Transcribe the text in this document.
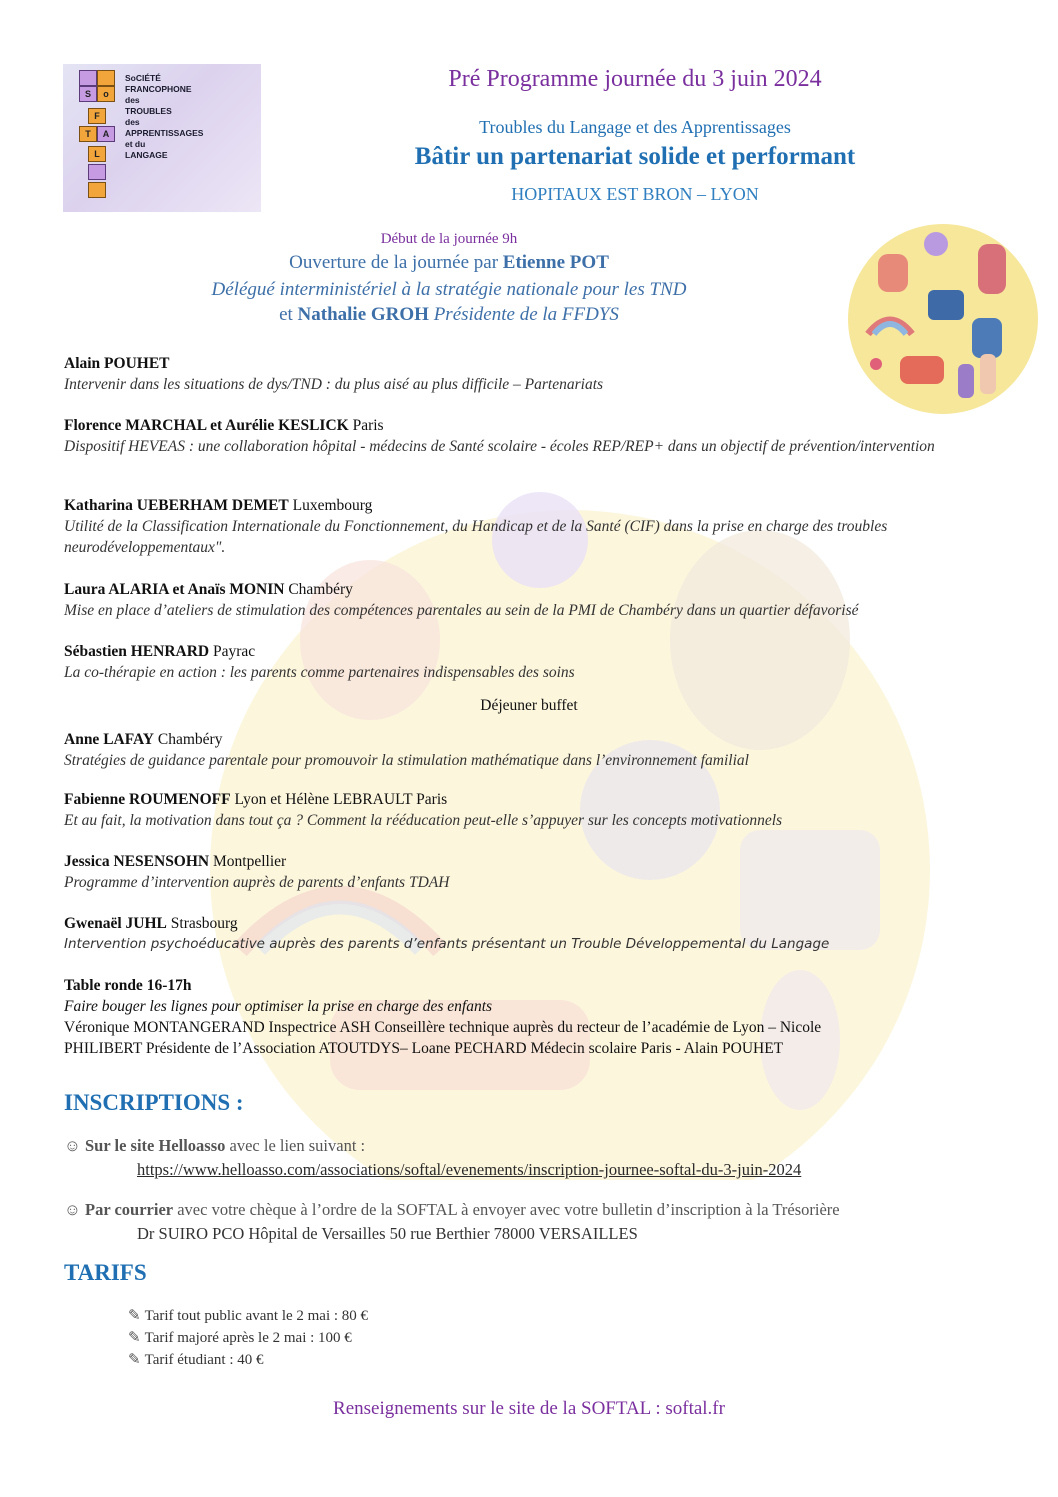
S	o
F
T	A
L
SoCIÉTÉ
FRANCOPHONE
des
TROUBLES
des
APPRENTISSAGES
et du
LANGAGE
Pré Programme journée du 3 juin 2024
Troubles du Langage et des Apprentissages
Bâtir un partenariat solide et performant
HOPITAUX EST BRON – LYON
Début de la journée 9h
Ouverture de la journée par Etienne POT
Délégué interministériel à la stratégie nationale pour les TND
et Nathalie GROH Présidente de la FFDYS
Alain POUHET
Intervenir dans les situations de dys/TND : du plus aisé au plus difficile – Partenariats
Florence MARCHAL et Aurélie KESLICK Paris
Dispositif HEVEAS : une collaboration hôpital - médecins de Santé scolaire - écoles REP/REP+ dans un objectif de prévention/intervention
Katharina UEBERHAM DEMET Luxembourg
Utilité de la Classification Internationale du Fonctionnement, du Handicap et de la Santé (CIF) dans la prise en charge des troubles neurodéveloppementaux".
Laura ALARIA et Anaïs MONIN Chambéry
Mise en place d’ateliers de stimulation des compétences parentales au sein de la PMI de Chambéry dans un quartier défavorisé
Sébastien HENRARD Payrac
La co-thérapie en action : les parents comme partenaires indispensables des soins
Déjeuner buffet
Anne LAFAY Chambéry
Stratégies de guidance parentale pour promouvoir la stimulation mathématique dans l’environnement familial
Fabienne ROUMENOFF Lyon et Hélène LEBRAULT Paris
Et au fait, la motivation dans tout ça ? Comment la rééducation peut-elle s’appuyer sur les concepts motivationnels
Jessica NESENSOHN Montpellier
Programme d’intervention auprès de parents d’enfants TDAH
Gwenaël JUHL Strasbourg
Intervention psychoéducative auprès des parents d’enfants présentant un Trouble Développemental du Langage
Table ronde 16-17h
Faire bouger les lignes pour optimiser la prise en charge des enfants
Véronique MONTANGERAND Inspectrice ASH Conseillère technique auprès du recteur de l’académie de Lyon – Nicole
PHILIBERT Présidente de l’Association ATOUTDYS– Loane PECHARD Médecin scolaire Paris - Alain POUHET
INSCRIPTIONS :
☺ Sur le site Helloasso avec le lien suivant :
https://www.helloasso.com/associations/softal/evenements/inscription-journee-softal-du-3-juin-2024
☺ Par courrier avec votre chèque à l’ordre de la SOFTAL à envoyer avec votre bulletin d’inscription à la Trésorière
Dr SUIRO PCO Hôpital de Versailles 50 rue Berthier 78000 VERSAILLES
TARIFS
✎ Tarif tout public avant le 2 mai : 80 €
✎ Tarif majoré après le 2 mai : 100 €
✎ Tarif étudiant : 40 €
Renseignements sur le site de la SOFTAL : softal.fr
